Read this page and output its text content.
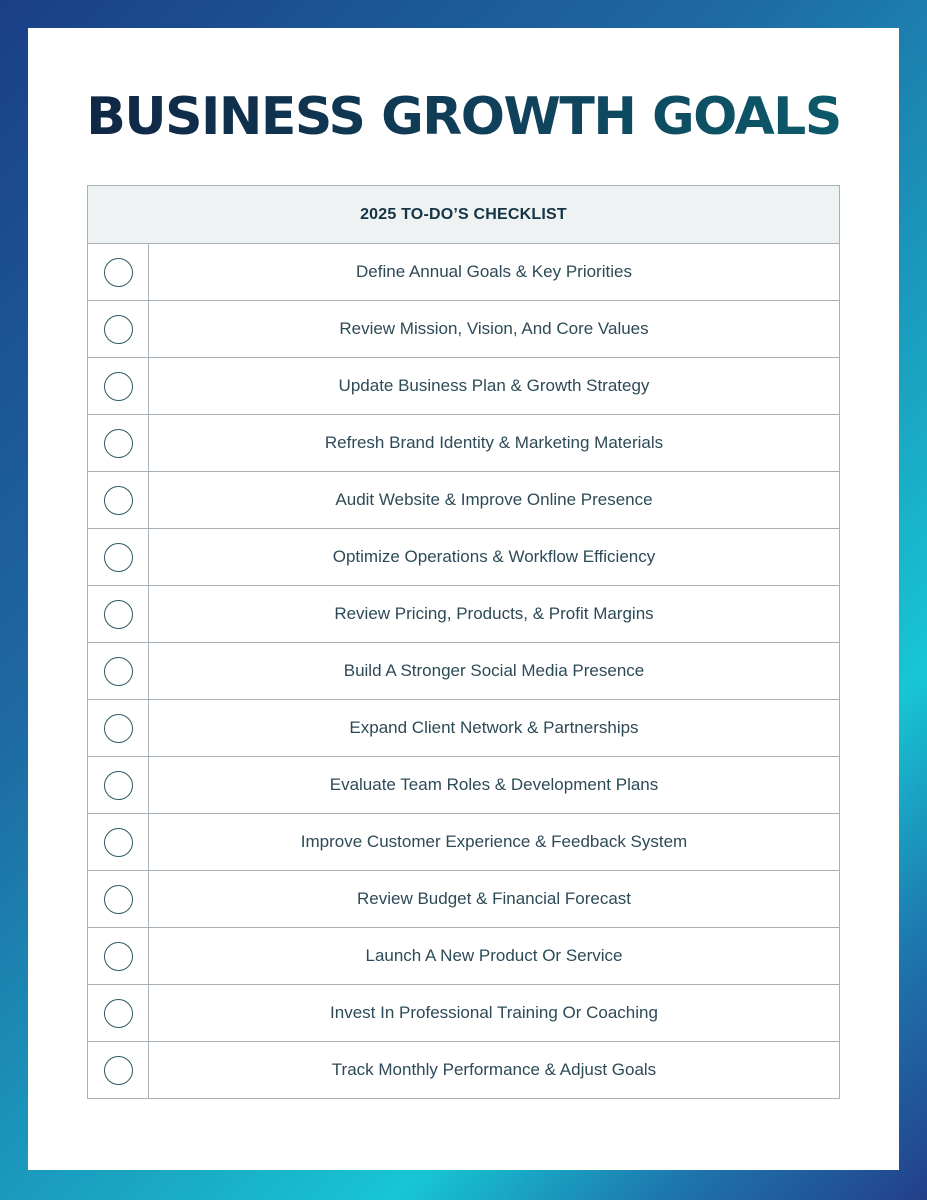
BUSINESS GROWTH GOALS
2025 TO-DO’S CHECKLIST	
	Define Annual Goals & Key Priorities
	Review Mission, Vision, And Core Values
	Update Business Plan & Growth Strategy
	Refresh Brand Identity & Marketing Materials
	Audit Website & Improve Online Presence
	Optimize Operations & Workflow Efficiency
	Review Pricing, Products, & Profit Margins
	Build A Stronger Social Media Presence
	Expand Client Network & Partnerships
	Evaluate Team Roles & Development Plans
	Improve Customer Experience & Feedback System
	Review Budget & Financial Forecast
	Launch A New Product Or Service
	Invest In Professional Training Or Coaching
	Track Monthly Performance & Adjust Goals
